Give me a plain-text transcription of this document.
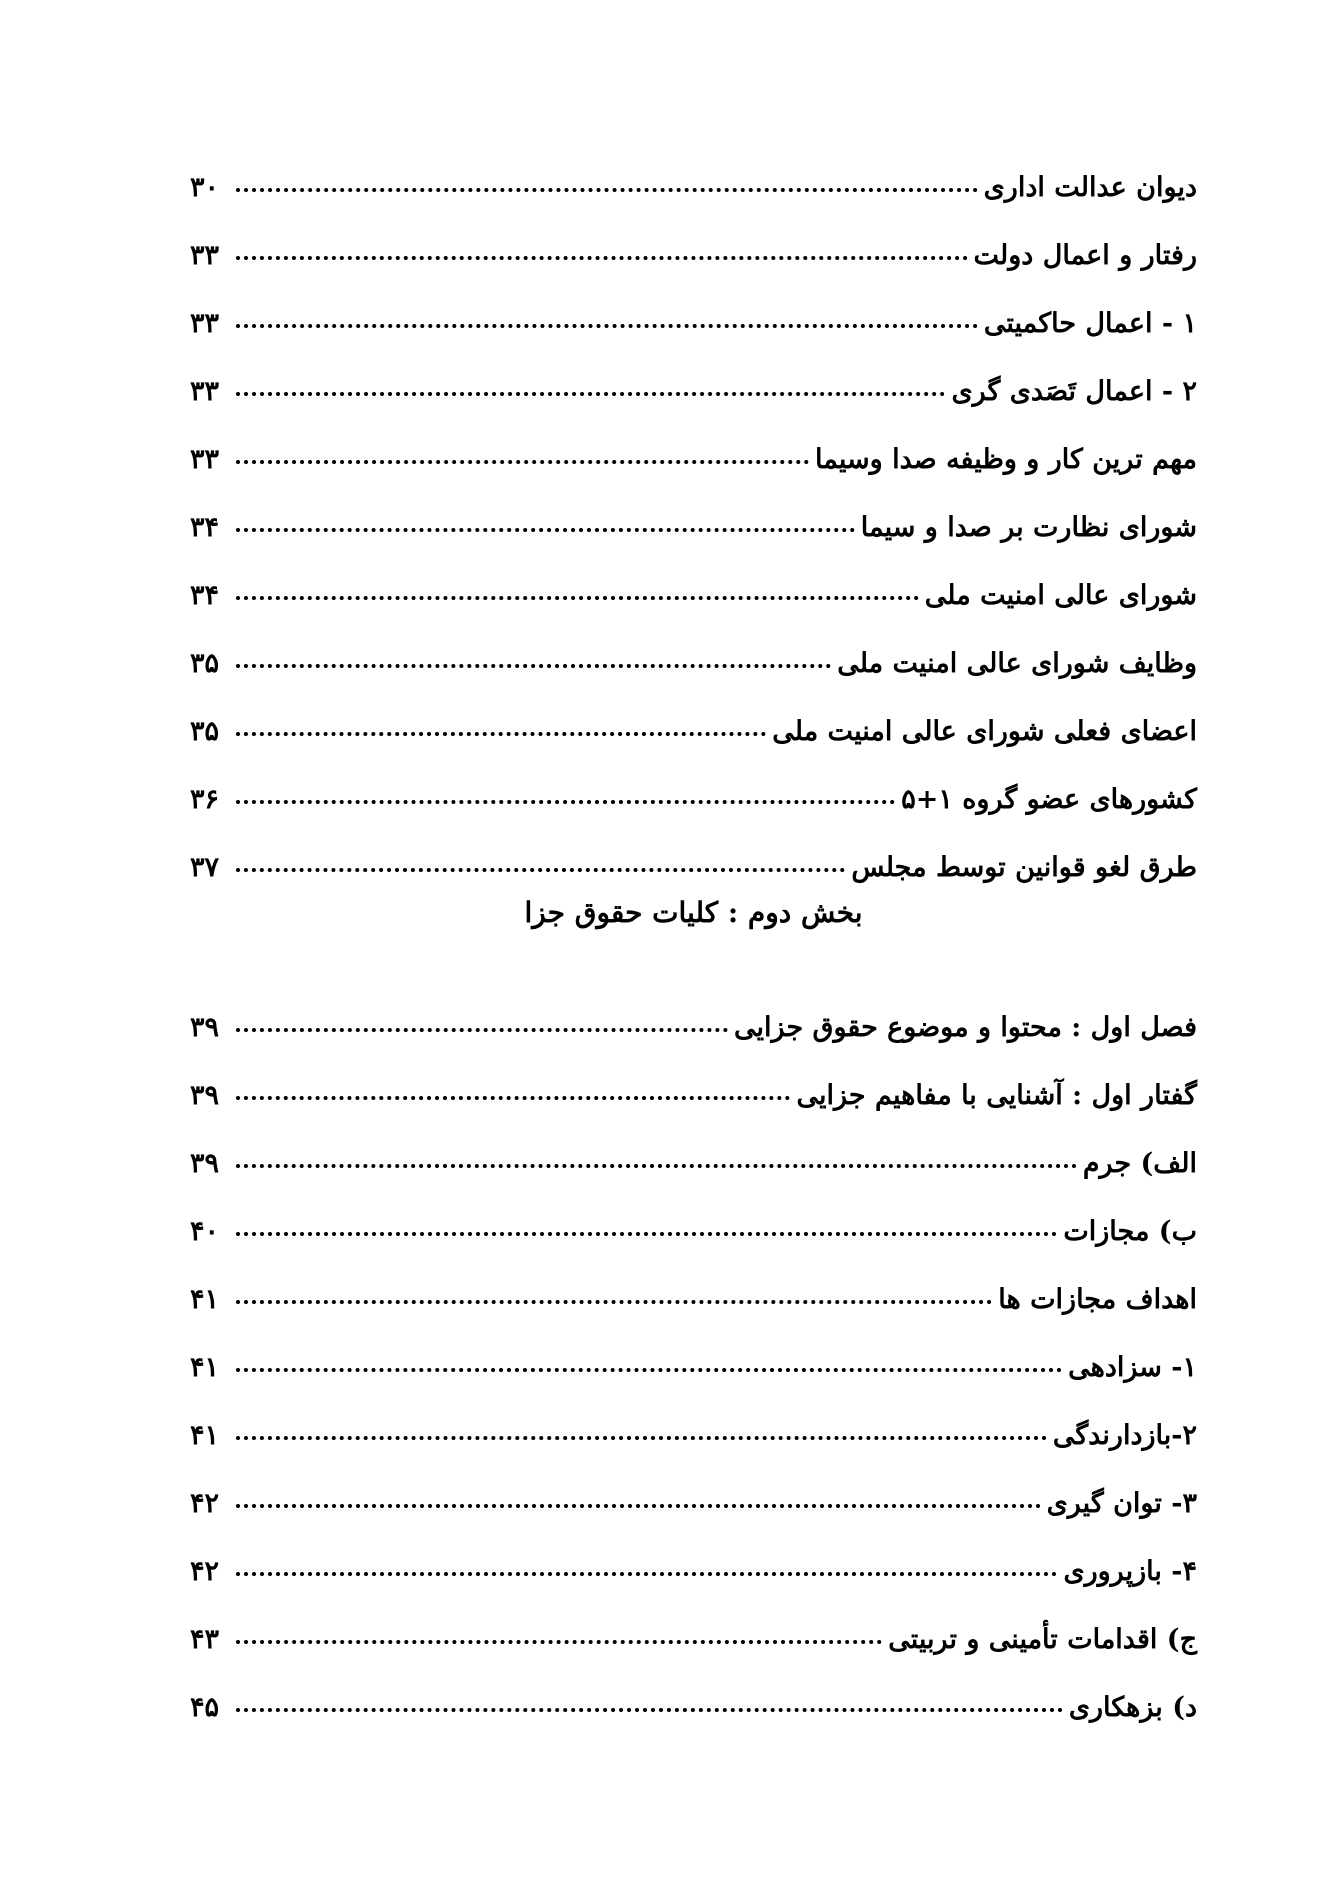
دیوان عدالت اداری
۳۰
رفتار و اعمال دولت
۳۳
۱ - اعمال حاکمیتی
۳۳
۲ - اعمال تَصَدی گری
۳۳
مهم ترین کار و وظیفه صدا وسیما
۳۳
شورای نظارت بر صدا و سیما
۳۴
شورای عالی امنیت ملی
۳۴
وظایف شورای عالی امنیت ملی
۳۵
اعضای فعلی شورای عالی امنیت ملی
۳۵
کشورهای عضو گروه ۱+۵
۳۶
طرق لغو قوانین توسط مجلس
۳۷
فصل اول : محتوا و موضوع حقوق جزایی
۳۹
گفتار اول : آشنایی با مفاهیم جزایی
۳۹
الف) جرم
۳۹
ب) مجازات
۴۰
اهداف مجازات ها
۴۱
۱- سزادهی
۴۱
۲-بازدارندگی
۴۱
۳- توان گیری
۴۲
۴- بازپروری
۴۲
ج) اقدامات تأمینی و تربیتی
۴۳
د) بزهکاری
۴۵
بخش دوم : کلیات حقوق جزا
